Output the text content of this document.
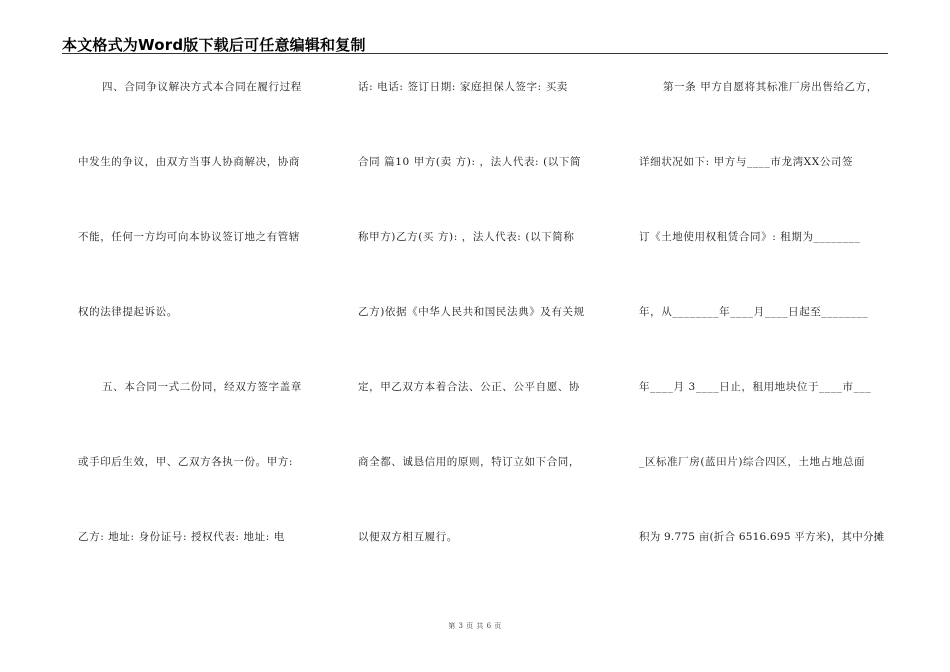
本文格式为Word版下载后可任意编辑和复制
四、合同争议解决方式本合同在履行过程
中发生的争议，由双方当事人协商解决，协商
不能，任何一方均可向本协议签订地之有管辖
权的法律提起诉讼。
五、本合同一式二份同，经双方签字盖章
或手印后生效，甲、乙双方各执一份。甲方:
乙方: 地址: 身份证号: 授权代表: 地址: 电
话: 电话: 签订日期: 家庭担保人签字: 买卖
合同 篇10 甲方(卖 方): ，法人代表: (以下简
称甲方)乙方(买 方): ，法人代表: (以下简称
乙方)依据《中华人民共和国民法典》及有关规
定，甲乙双方本着合法、公正、公平自愿、协
商全都、诚恳信用的原则，特订立如下合同，
以便双方相互履行。
第一条 甲方自愿将其标准厂房出售给乙方，
详细状况如下: 甲方与____市龙湾XX公司签
订《土地使用权租赁合同》: 租期为________
年，从________年____月____日起至________
年____月 3____日止，租用地块位于____市___
_区标准厂房(蓝田片)综合四区，土地占地总面
积为 9.775 亩(折合 6516.695 平方米)，其中分摊
第 3 页 共 6 页
